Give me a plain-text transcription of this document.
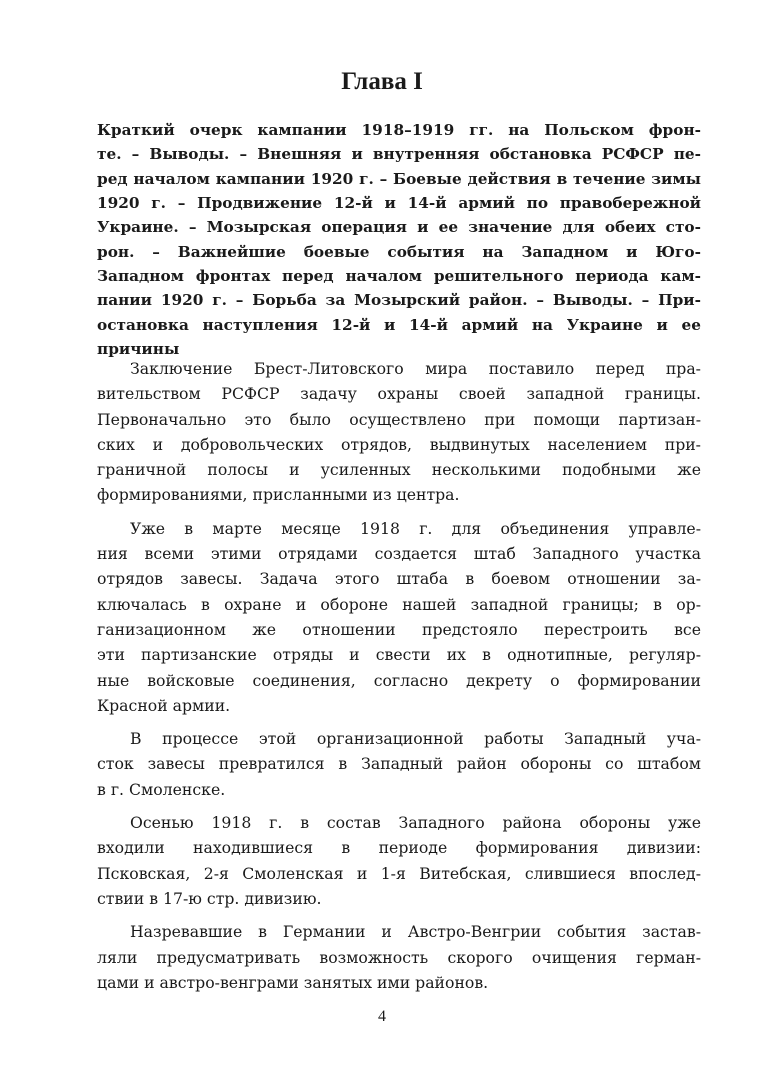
Глава I
Краткий очерк кампании 1918–1919 гг. на Польском фрон-
те. – Выводы. – Внешняя и внутренняя обстановка РСФСР пе-
ред началом кампании 1920 г. – Боевые действия в течение зимы
1920 г. – Продвижение 12-й и 14-й армий по правобережной
Украине. – Мозырская операция и ее значение для обеих сто-
рон. – Важнейшие боевые события на Западном и Юго-
Западном фронтах перед началом решительного периода кам-
пании 1920 г. – Борьба за Мозырский район. – Выводы. – При-
остановка наступления 12-й и 14-й армий на Украине и ее
причины
Заключение Брест-Литовского мира поставило перед пра-
вительством РСФСР задачу охраны своей западной границы.
Первоначально это было осуществлено при помощи партизан-
ских и добровольческих отрядов, выдвинутых населением при-
граничной полосы и усиленных несколькими подобными же
формированиями, присланными из центра.
Уже в марте месяце 1918 г. для объединения управле-
ния всеми этими отрядами создается штаб Западного участка
отрядов завесы. Задача этого штаба в боевом отношении за-
ключалась в охране и обороне нашей западной границы; в ор-
ганизационном же отношении предстояло перестроить все
эти партизанские отряды и свести их в однотипные, регуляр-
ные войсковые соединения, согласно декрету о формировании
Красной армии.
В процессе этой организационной работы Западный уча-
сток завесы превратился в Западный район обороны со штабом
в г. Смоленске.
Осенью 1918 г. в состав Западного района обороны уже
входили находившиеся в периоде формирования дивизии:
Псковская, 2-я Смоленская и 1-я Витебская, слившиеся впослед-
ствии в 17-ю стр. дивизию.
Назревавшие в Германии и Австро-Венгрии события застав-
ляли предусматривать возможность скорого очищения герман-
цами и австро-венграми занятых ими районов.
4
